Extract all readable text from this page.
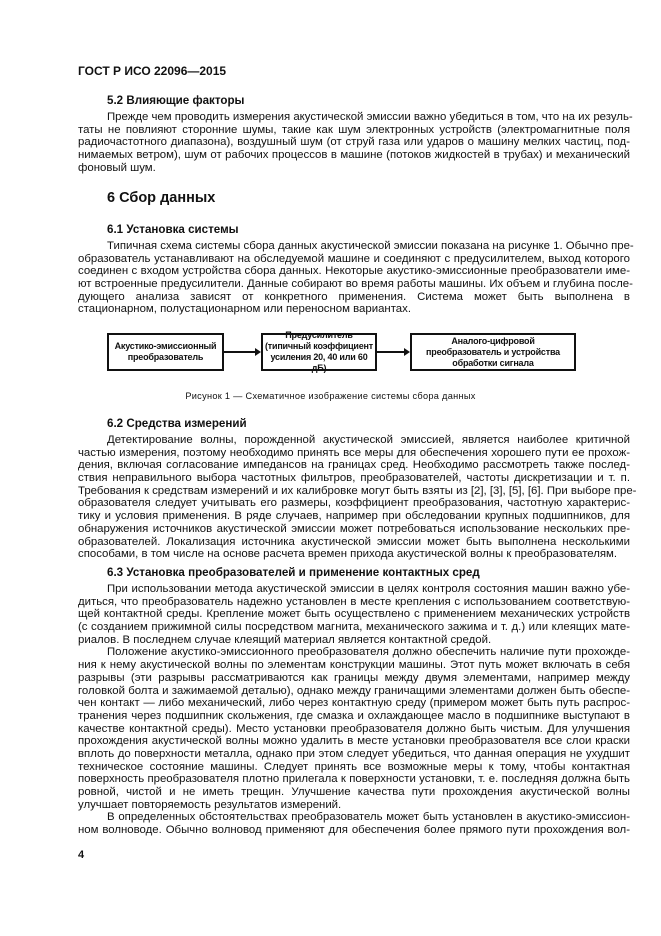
ГОСТ Р ИСО 22096—2015
5.2 Влияющие факторы
Прежде чем проводить измерения акустической эмиссии важно убедиться в том, что на их резуль-
таты не повлияют сторонние шумы, такие как шум электронных устройств (электромагнитные поля
радиочастотного диапазона), воздушный шум (от струй газа или ударов о машину мелких частиц, под-
нимаемых ветром), шум от рабочих процессов в машине (потоков жидкостей в трубах) и механический
фоновый шум.
6 Сбор данных
6.1 Установка системы
Типичная схема системы сбора данных акустической эмиссии показана на рисунке 1. Обычно пре-
образователь устанавливают на обследуемой машине и соединяют с предусилителем, выход которого
соединен с входом устройства сбора данных. Некоторые акустико-эмиссионные преобразователи име-
ют встроенные предусилители. Данные собирают во время работы машины. Их объем и глубина после-
дующего анализа зависят от конкретного применения. Система может быть выполнена в
стационарном, полустационарном или переносном вариантах.
6.2 Средства измерений
Детектирование волны, порожденной акустической эмиссией, является наиболее критичной
частью измерения, поэтому необходимо принять все меры для обеспечения хорошего пути ее прохож-
дения, включая согласование импедансов на границах сред. Необходимо рассмотреть также послед-
ствия неправильного выбора частотных фильтров, преобразователей, частоты дискретизации и т. п.
Требования к средствам измерений и их калибровке могут быть взяты из [2], [3], [5], [6]. При выборе пре-
образователя следует учитывать его размеры, коэффициент преобразования, частотную характерис-
тику и условия применения. В ряде случаев, например при обследовании крупных подшипников, для
обнаружения источников акустической эмиссии может потребоваться использование нескольких пре-
образователей. Локализация источника акустической эмиссии может быть выполнена несколькими
способами, в том числе на основе расчета времен прихода акустической волны к преобразователям.
6.3 Установка преобразователей и применение контактных сред
При использовании метода акустической эмиссии в целях контроля состояния машин важно убе-
диться, что преобразователь надежно установлен в месте крепления с использованием соответствую-
щей контактной среды. Крепление может быть осуществлено с применением механических устройств
(с созданием прижимной силы посредством магнита, механического зажима и т. д.) или клеящих мате-
риалов. В последнем случае клеящий материал является контактной средой.
Положение акустико-эмиссионного преобразователя должно обеспечить наличие пути прохожде-
ния к нему акустической волны по элементам конструкции машины. Этот путь может включать в себя
разрывы (эти разрывы рассматриваются как границы между двумя элементами, например между
головкой болта и зажимаемой деталью), однако между граничащими элементами должен быть обеспе-
чен контакт — либо механический, либо через контактную среду (примером может быть путь распрос-
транения через подшипник скольжения, где смазка и охлаждающее масло в подшипнике выступают в
качестве контактной среды). Место установки преобразователя должно быть чистым. Для улучшения
прохождения акустической волны можно удалить в месте установки преобразователя все слои краски
вплоть до поверхности металла, однако при этом следует убедиться, что данная операция не ухудшит
техническое состояние машины. Следует принять все возможные меры к тому, чтобы контактная
поверхность преобразователя плотно прилегала к поверхности установки, т. е. последняя должна быть
ровной, чистой и не иметь трещин. Улучшение качества пути прохождения акустической волны
улучшает повторяемость результатов измерений.
В определенных обстоятельствах преобразователь может быть установлен в акустико-эмиссион-
ном волноводе. Обычно волновод применяют для обеспечения более прямого пути прохождения вол-
Акустико-эмиссионный
преобразователь
Предусилитель
(типичный коэффициент
усиления 20, 40 или 60 дБ)
Аналого-цифровой
преобразователь и устройства
обработки сигнала
Рисунок 1 — Схематичное изображение системы сбора данных
4
